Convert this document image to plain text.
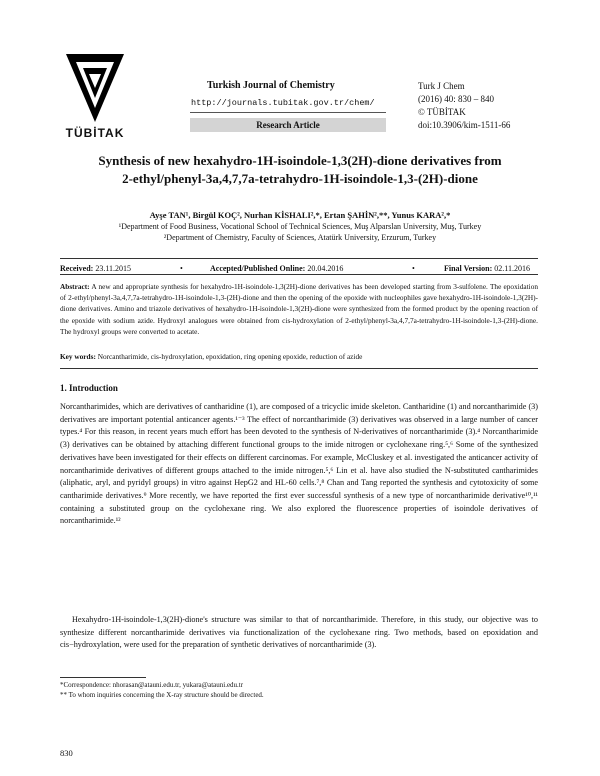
TÜBİTAK
Turkish Journal of Chemistry
http://journals.tubitak.gov.tr/chem/
Research Article
Turk J Chem
(2016) 40: 830 – 840
© TÜBİTAK
doi:10.3906/kim-1511-66
Synthesis of new hexahydro-1H-isoindole-1,3(2H)-dione derivatives from
2-ethyl/phenyl-3a,4,7,7a-tetrahydro-1H-isoindole-1,3-(2H)-dione
Ayşe TAN¹, Birgül KOÇ², Nurhan KİSHALI²,*, Ertan ŞAHİN²,**, Yunus KARA²,*
¹Department of Food Business, Vocational School of Technical Sciences, Muş Alparslan University, Muş, Turkey
²Department of Chemistry, Faculty of Sciences, Atatürk University, Erzurum, Turkey
Received: 23.11.2015	•	Accepted/Published Online: 20.04.2016	•	Final Version: 02.11.2016
Abstract: A new and appropriate synthesis for hexahydro-1H-isoindole-1,3(2H)-dione derivatives has been developed starting from 3-sulfolene. The epoxidation of 2-ethyl/phenyl-3a,4,7,7a-tetrahydro-1H-isoindole-1,3-(2H)-dione and then the opening of the epoxide with nucleophiles gave hexahydro-1H-isoindole-1,3(2H)-dione derivatives. Amino and triazole derivatives of hexahydro-1H-isoindole-1,3(2H)-dione were synthesized from the formed product by the opening reaction of the epoxide with sodium azide. Hydroxyl analogues were obtained from cis-hydroxylation of 2-ethyl/phenyl-3a,4,7,7a-tetrahydro-1H-isoindole-1,3-(2H)-dione. The hydroxyl groups were converted to acetate.
Key words: Norcantharimide, cis-hydroxylation, epoxidation, ring opening epoxide, reduction of azide
1. Introduction

Norcantharimides, which are derivatives of cantharidine (1), are composed of a tricyclic imide skeleton. Cantharidine (1) and norcantharimide (3) derivatives are important potential anticancer agents.¹⁻³ The effect of norcantharimide (3) derivatives was observed in a large number of cancer types.⁴ For this reason, in recent years much effort has been devoted to the synthesis of N-derivatives of norcantharimide (3).⁴ Norcantharimide (3) derivatives can be obtained by attaching different functional groups to the imide nitrogen or cyclohexane ring.⁵,⁶ Some of the synthesized derivatives have been investigated for their effects on different carcinomas. For example, McCluskey et al. investigated the anticancer activity of norcantharimide derivatives of different groups attached to the imide nitrogen.⁵,⁶ Lin et al. have also studied the N-substituted cantharimides (aliphatic, aryl, and pyridyl groups) in vitro against HepG2 and HL-60 cells.⁷,⁸ Chan and Tang reported the synthesis and cytotoxicity of some cantharimide derivatives.⁹ More recently, we have reported the first ever successful synthesis of a new type of norcantharimide derivative¹⁰,¹¹ containing a substituted group on the cyclohexane ring. We also explored the fluorescence properties of isoindole derivatives of norcantharimide.¹²

Hexahydro-1H-isoindole-1,3(2H)-dione's structure was similar to that of norcantharimide. Therefore, in this study, our objective was to synthesize different norcantharimide derivatives via functionalization of the cyclohexane ring. Two methods, based on epoxidation and cis−hydroxylation, were used for the preparation of synthetic derivatives of norcantharimide (3).

*Correspondence: nhorasan@atauni.edu.tr, yukara@atauni.edu.tr
** To whom inquiries concerning the X-ray structure should be directed.
830
